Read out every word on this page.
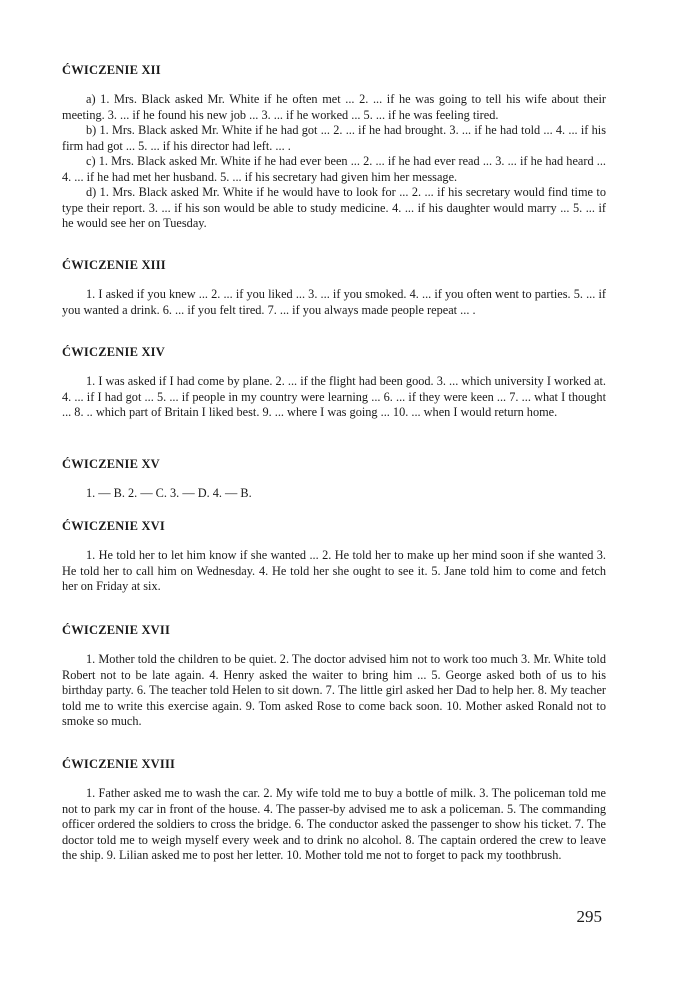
ĆWICZENIE XII

a) 1. Mrs. Black asked Mr. White if he often met ... 2. ... if he was going to tell his wife about their meeting. 3. ... if he found his new job ... 3. ... if he worked ... 5. ... if he was feeling tired.

b) 1. Mrs. Black asked Mr. White if he had got ... 2. ... if he had brought. 3. ... if he had told ... 4. ... if his firm had got ... 5. ... if his director had left. ... .

c) 1. Mrs. Black asked Mr. White if he had ever been ... 2. ... if he had ever read ... 3. ... if he had heard ... 4. ... if he had met her husband. 5. ... if his secretary had given him her message.

d) 1. Mrs. Black asked Mr. White if he would have to look for ... 2. ... if his secretary would find time to type their report. 3. ... if his son would be able to study medicine. 4. ... if his daughter would marry ... 5. ... if he would see her on Tuesday.

ĆWICZENIE XIII

1. I asked if you knew ... 2. ... if you liked ... 3. ... if you smoked. 4. ... if you often went to parties. 5. ... if you wanted a drink. 6. ... if you felt tired. 7. ... if you always made people repeat ... .

ĆWICZENIE XIV

1. I was asked if I had come by plane. 2. ... if the flight had been good. 3. ... which university I worked at. 4. ... if I had got ... 5. ... if people in my country were learning ... 6. ... if they were keen ... 7. ... what I thought ... 8. .. which part of Britain I liked best. 9. ... where I was going ... 10. ... when I would return home.

ĆWICZENIE XV

1. — B. 2. — C. 3. — D. 4. — B.

ĆWICZENIE XVI

1. He told her to let him know if she wanted ... 2. He told her to make up her mind soon if she wanted 3. He told her to call him on Wednesday. 4. He told her she ought to see it. 5. Jane told him to come and fetch her on Friday at six.

ĆWICZENIE XVII

1. Mother told the children to be quiet. 2. The doctor advised him not to work too much 3. Mr. White told Robert not to be late again. 4. Henry asked the waiter to bring him ... 5. George asked both of us to his birthday party. 6. The teacher told Helen to sit down. 7. The little girl asked her Dad to help her. 8. My teacher told me to write this exercise again. 9. Tom asked Rose to come back soon. 10. Mother asked Ronald not to smoke so much.

ĆWICZENIE XVIII

1. Father asked me to wash the car. 2. My wife told me to buy a bottle of milk. 3. The policeman told me not to park my car in front of the house. 4. The passer-by advised me to ask a policeman. 5. The commanding officer ordered the soldiers to cross the bridge. 6. The conductor asked the passenger to show his ticket. 7. The doctor told me to weigh myself every week and to drink no alcohol. 8. The captain ordered the crew to leave the ship. 9. Lilian asked me to post her letter. 10. Mother told me not to forget to pack my toothbrush.

295
